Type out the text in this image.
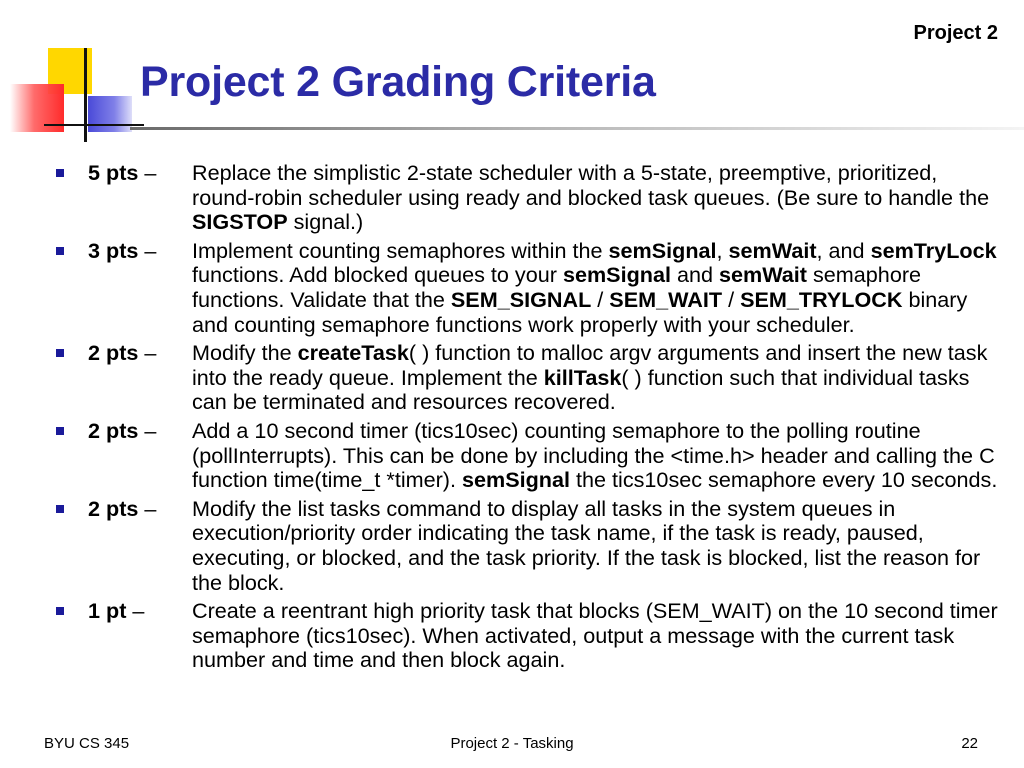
Project 2
Project 2 Grading Criteria
5 pts – Replace the simplistic 2-state scheduler with a 5-state, preemptive, prioritized, round-robin scheduler using ready and blocked task queues. (Be sure to handle the SIGSTOP signal.)
3 pts – Implement counting semaphores within the semSignal, semWait, and semTryLock functions. Add blocked queues to your semSignal and semWait semaphore functions. Validate that the SEM_SIGNAL / SEM_WAIT / SEM_TRYLOCK binary and counting semaphore functions work properly with your scheduler.
2 pts – Modify the createTask( ) function to malloc argv arguments and insert the new task into the ready queue. Implement the killTask( ) function such that individual tasks can be terminated and resources recovered.
2 pts – Add a 10 second timer (tics10sec) counting semaphore to the polling routine (pollInterrupts). This can be done by including the <time.h> header and calling the C function time(time_t *timer). semSignal the tics10sec semaphore every 10 seconds.
2 pts – Modify the list tasks command to display all tasks in the system queues in execution/priority order indicating the task name, if the task is ready, paused, executing, or blocked, and the task priority. If the task is blocked, list the reason for the block.
1 pt – Create a reentrant high priority task that blocks (SEM_WAIT) on the 10 second timer semaphore (tics10sec). When activated, output a message with the current task number and time and then block again.
BYU CS 345	Project 2 - Tasking	22
